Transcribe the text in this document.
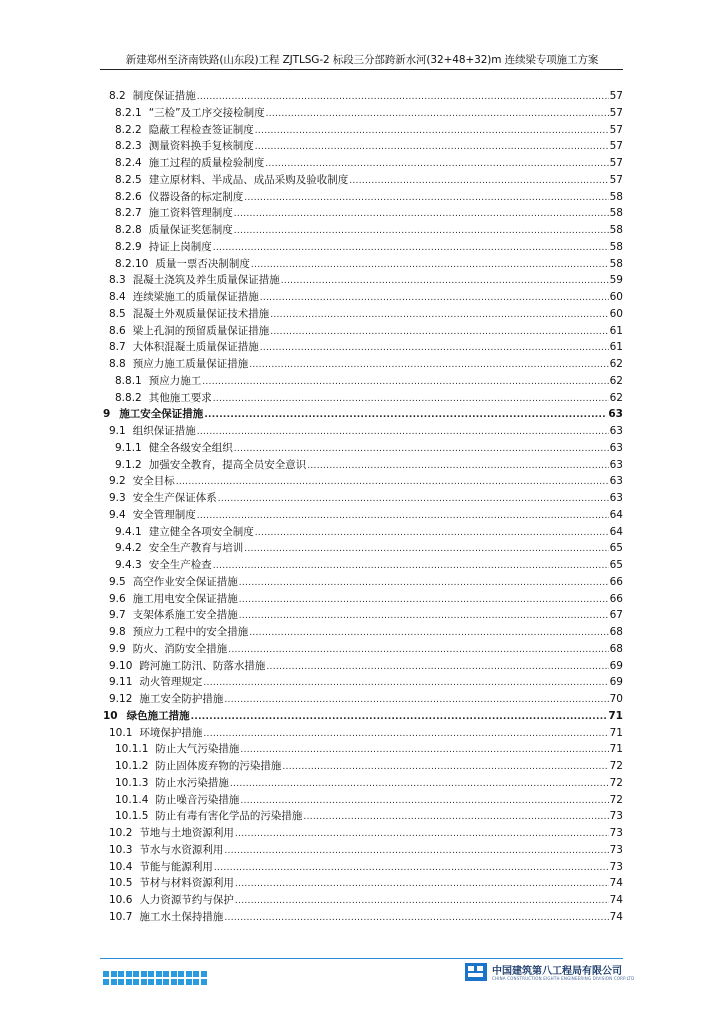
新建郑州至济南铁路(山东段)工程 ZJTLSG-2 标段三分部跨新水河(32+48+32)m 连续梁专项施工方案
8.2 制度保证措施 .....	57
8.2.1 “三检”及工序交接检制度 .....	57
8.2.2 隐蔽工程检查签证制度 .....	57
8.2.3 测量资料换手复核制度 .....	57
8.2.4 施工过程的质量检验制度 .....	57
8.2.5 建立原材料、半成品、成品采购及验收制度 .....	57
8.2.6 仪器设备的标定制度 .....	58
8.2.7 施工资料管理制度 .....	58
8.2.8 质量保证奖惩制度 .....	58
8.2.9 持证上岗制度 .....	58
8.2.10 质量一票否决制制度 .....	58
8.3 混凝土浇筑及养生质量保证措施 .....	59
8.4 连续梁施工的质量保证措施 .....	60
8.5 混凝土外观质量保证技术措施 .....	60
8.6 梁上孔洞的预留质量保证措施 .....	61
8.7 大体积混凝土质量保证措施 .....	61
8.8 预应力施工质量保证措施 .....	62
8.8.1 预应力施工 .....	62
8.8.2 其他施工要求 .....	62
9 施工安全保证措施 .....	63
9.1 组织保证措施 .....	63
9.1.1 健全各级安全组织 .....	63
9.1.2 加强安全教育，提高全员安全意识 .....	63
9.2 安全目标 .....	63
9.3 安全生产保证体系 .....	63
9.4 安全管理制度 .....	64
9.4.1 建立健全各项安全制度 .....	64
9.4.2 安全生产教育与培训 .....	65
9.4.3 安全生产检查 .....	65
9.5 高空作业安全保证措施 .....	66
9.6 施工用电安全保证措施 .....	66
9.7 支架体系施工安全措施 .....	67
9.8 预应力工程中的安全措施 .....	68
9.9 防火、消防安全措施 .....	68
9.10 跨河施工防汛、防落水措施 .....	69
9.11 动火管理规定 .....	69
9.12 施工安全防护措施 .....	70
10 绿色施工措施 .....	71
10.1 环境保护措施 .....	71
10.1.1 防止大气污染措施 .....	71
10.1.2 防止固体废弃物的污染措施 .....	72
10.1.3 防止水污染措施 .....	72
10.1.4 防止噪音污染措施 .....	72
10.1.5 防止有毒有害化学品的污染措施 .....	73
10.2 节地与土地资源利用 .....	73
10.3 节水与水资源利用 .....	73
10.4 节能与能源利用 .....	73
10.5 节材与材料资源利用 .....	74
10.6 人力资源节约与保护 .....	74
10.7 施工水土保持措施 .....	74
中国建筑第八工程局有限公司
CHINA CONSTRUCTION EIGHTH ENGINEERING DIVISION CORP.LTD
